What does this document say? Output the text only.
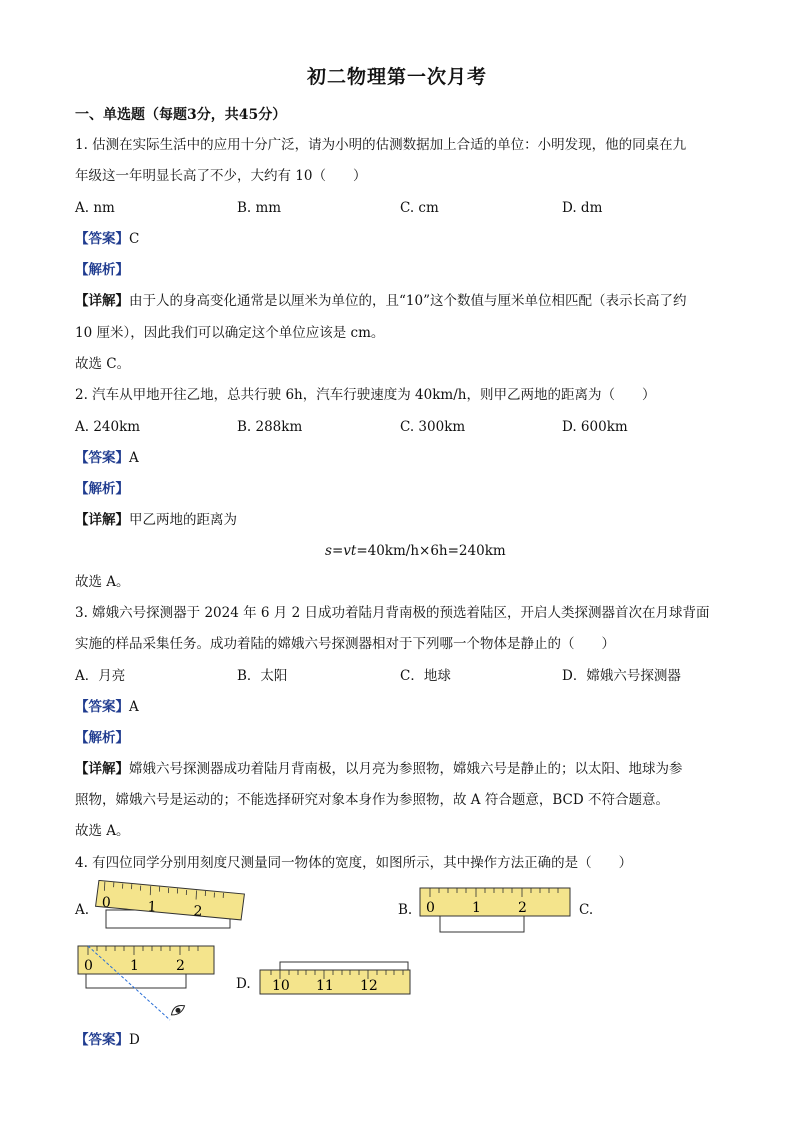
初二物理第一次月考
一、单选题（每题3分，共45分）
1. 估测在实际生活中的应用十分广泛，请为小明的估测数据加上合适的单位：小明发现，他的同桌在九
年级这一年明显长高了不少，大约有 10（　　）
A. nm	B. mm	C. cm	D. dm
【答案】C
【解析】
【详解】由于人的身高变化通常是以厘米为单位的，且“10”这个数值与厘米单位相匹配（表示长高了约
10 厘米），因此我们可以确定这个单位应该是 cm。
故选 C。
2. 汽车从甲地开往乙地，总共行驶 6h，汽车行驶速度为 40km/h，则甲乙两地的距离为（　　）
A. 240km	B. 288km	C. 300km	D. 600km
【答案】A
【解析】
【详解】甲乙两地的距离为
s=vt=40km/h×6h=240km
故选 A。
3. 嫦娥六号探测器于 2024 年 6 月 2 日成功着陆月背南极的预选着陆区，开启人类探测器首次在月球背面
实施的样品采集任务。成功着陆的嫦娥六号探测器相对于下列哪一个物体是静止的（　　）
A．月亮	B．太阳	C．地球	D．嫦娥六号探测器
【答案】A
【解析】
【详解】嫦娥六号探测器成功着陆月背南极，以月亮为参照物，嫦娥六号是静止的；以太阳、地球为参
照物，嫦娥六号是运动的；不能选择研究对象本身作为参照物，故 A 符合题意，BCD 不符合题意。
故选 A。
4. 有四位同学分别用刻度尺测量同一物体的宽度，如图所示，其中操作方法正确的是（　　）
A.	B.	C.
D.
0	1	2	0	1	2
0	1	2
10 11 12
【答案】D
